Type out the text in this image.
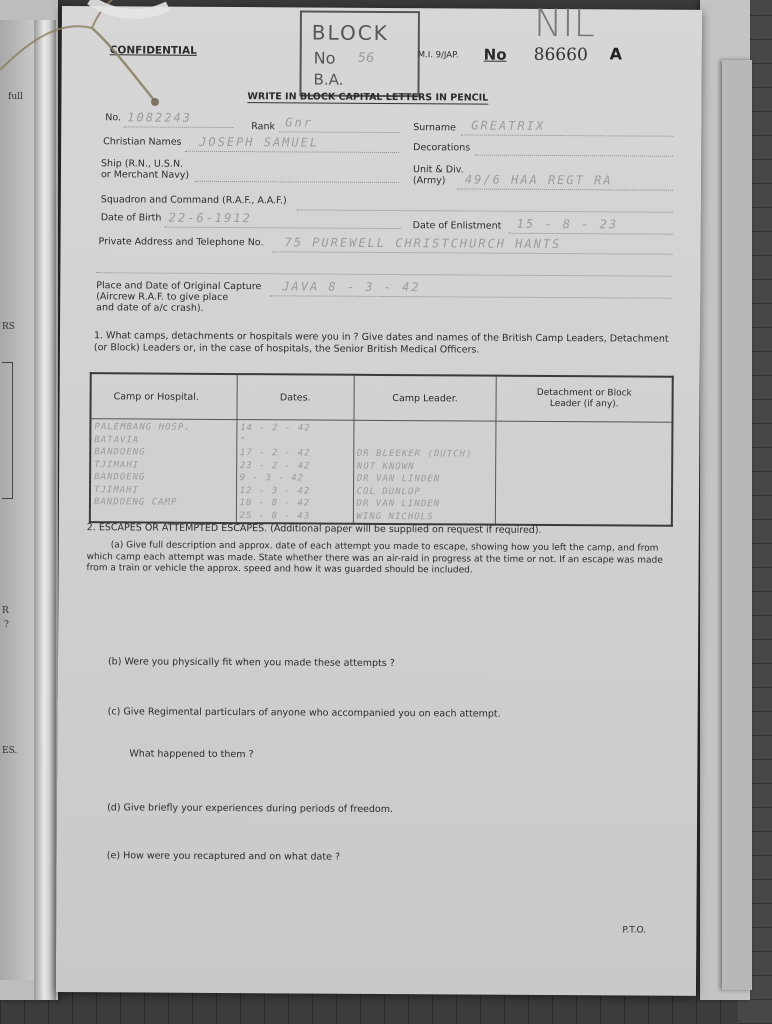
full
RS
R
?
ES.
BLOCK
No 56
B.A.
NIL
CONFIDENTIAL	M.I. 9/JAP. No 86660 A
WRITE IN BLOCK CAPITAL LETTERS IN PENCIL
No. 1082243
Rank Gnr	Surname GREATRIX
Christian Names JOSEPH SAMUEL	Decorations
Ship (R.N., U.S.N.
or Merchant Navy)	Unit & Div.
(Army) 49/6 HAA REGT RA
Squadron and Command (R.A.F., A.A.F.)
Date of Birth 22-6-1912
Date of Enlistment 15 - 8 - 23
Private Address and Telephone No. 75 PUREWELL CHRISTCHURCH HANTS
Place and Date of Original Capture
(Aircrew R.A.F. to give place
and date of a/c crash).
JAVA 8 - 3 - 42
1. What camps, detachments or hospitals were you in ? Give dates and names of the British Camp Leaders, Detachment (or Block) Leaders or, in the case of hospitals, the Senior British Medical Officers.
Camp or Hospital.	Dates.	Camp Leader.	Detachment or Block Leader (if any).
PALEMBANG HOSP.	14 - 2 - 42		
BATAVIA	"		
BANDOENG	17 - 2 - 42	DR BLEEKER (DUTCH)	
TJIMAHI	23 - 2 - 42	NOT KNOWN	
BANDOENG	9 - 3 - 42	DR VAN LINDEN	
TJIMAHI	12 - 3 - 42	COL DUNLOP	
BANDOENG CAMP	18 - 8 - 42	DR VAN LINDEN	
	25 - 8 - 43	WING NICHOLS	
2. ESCAPES OR ATTEMPTED ESCAPES. (Additional paper will be supplied on request if required).
(a) Give full description and approx. date of each attempt you made to escape, showing how you left the camp, and from which camp each attempt was made. State whether there was an air-raid in progress at the time or not. If an escape was made from a train or vehicle the approx. speed and how it was guarded should be included.
(b) Were you physically fit when you made these attempts ?
(c) Give Regimental particulars of anyone who accompanied you on each attempt.
What happened to them ?
(d) Give briefly your experiences during periods of freedom.
(e) How were you recaptured and on what date ?
P.T.O.
